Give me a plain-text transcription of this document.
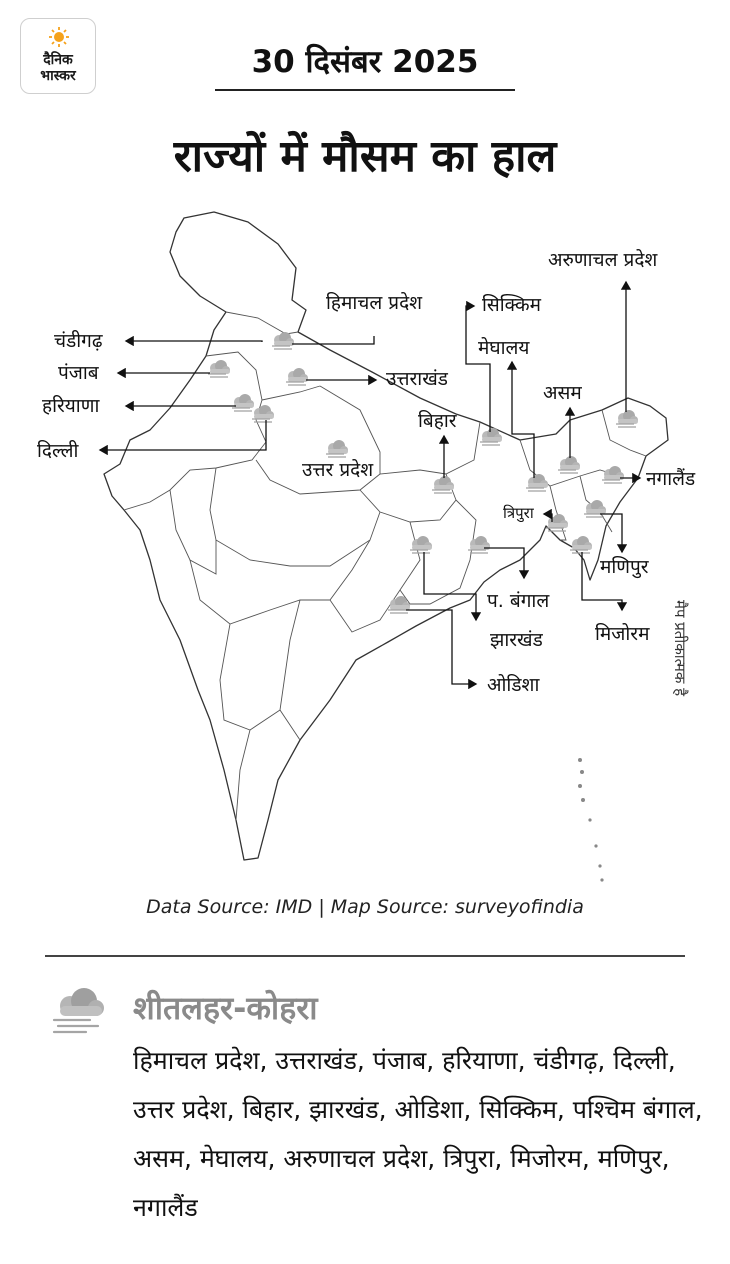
दैनिक
भास्कर	30 दिसंबर 2025
राज्यों में मौसम का हाल
चंडीगढ़
पंजाब
हरियाणा
दिल्ली
हिमाचल प्रदेश
उत्तराखंड
उत्तर प्रदेश
बिहार
सिक्किम
मेघालय
असम
अरुणाचल प्रदेश
नगालैंड
त्रिपुरा
मणिपुर
मिजोरम
प. बंगाल
झारखंड
ओडिशा	मैप प्रतीकात्मक है
Data Source: IMD | Map Source: surveyofindia
शीतलहर-कोहरा
हिमाचल प्रदेश, उत्तराखंड, पंजाब, हरियाणा, चंडीगढ़, दिल्ली, उत्तर प्रदेश, बिहार, झारखंड, ओडिशा, सिक्किम, पश्चिम बंगाल, असम, मेघालय, अरुणाचल प्रदेश, त्रिपुरा, मिजोरम, मणिपुर, नगालैंड
